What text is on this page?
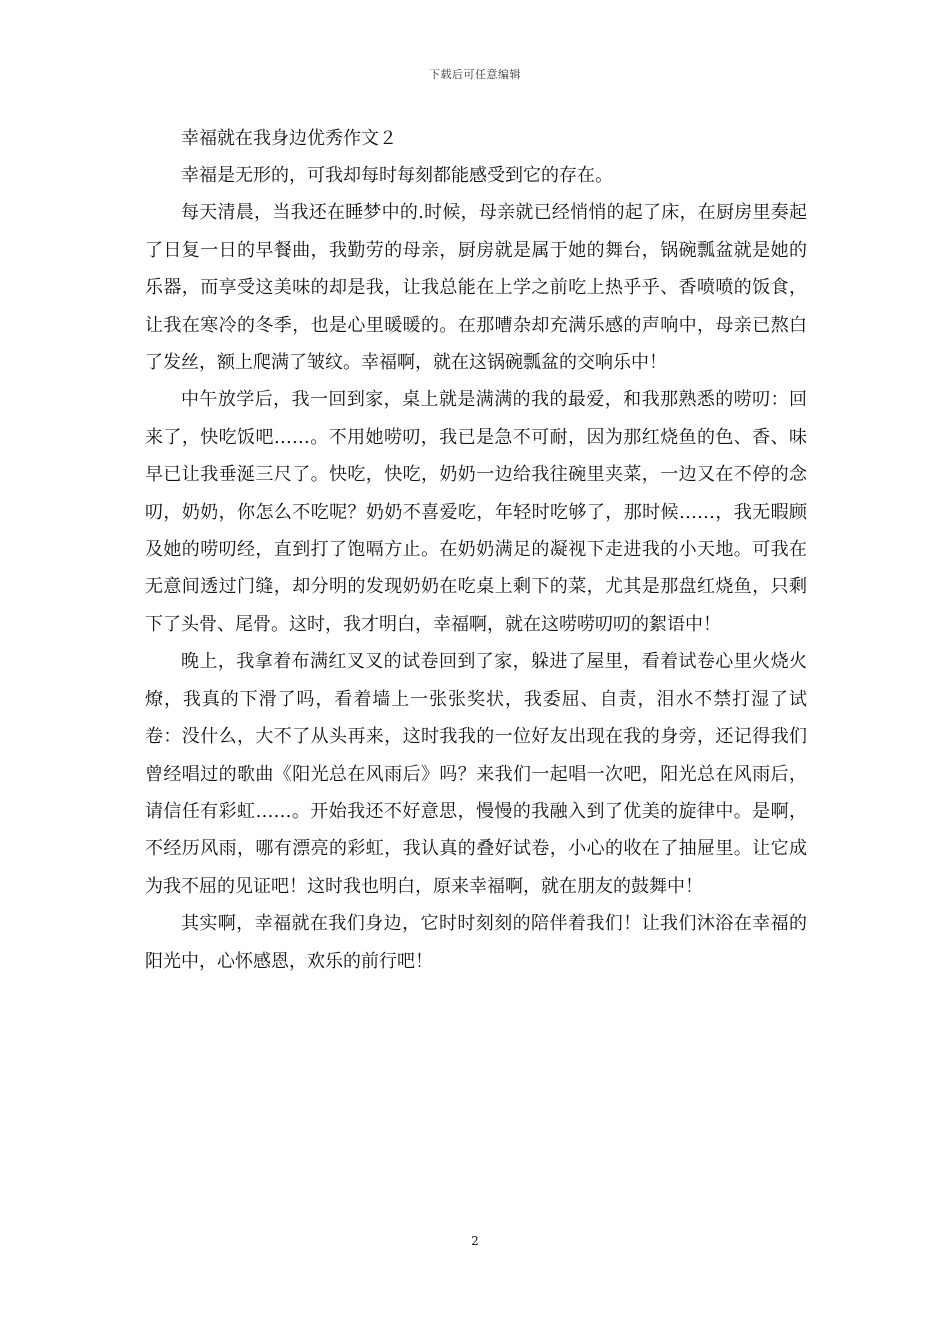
下载后可任意编辑

幸福就在我身边优秀作文２

幸福是无形的，可我却每时每刻都能感受到它的存在。

每天清晨，当我还在睡梦中的.时候，母亲就已经悄悄的起了床，在厨房里奏起了日复一日的早餐曲，我勤劳的母亲，厨房就是属于她的舞台，锅碗瓢盆就是她的乐器，而享受这美味的却是我，让我总能在上学之前吃上热乎乎、香喷喷的饭食，让我在寒冷的冬季，也是心里暖暖的。在那嘈杂却充满乐感的声响中，母亲已熬白了发丝，额上爬满了皱纹。幸福啊，就在这锅碗瓢盆的交响乐中！

中午放学后，我一回到家，桌上就是满满的我的最爱，和我那熟悉的唠叨：回来了，快吃饭吧……。不用她唠叨，我已是急不可耐，因为那红烧鱼的色、香、味早已让我垂涎三尺了。快吃，快吃，奶奶一边给我往碗里夹菜，一边又在不停的念叨，奶奶，你怎么不吃呢？奶奶不喜爱吃，年轻时吃够了，那时候……，我无暇顾及她的唠叨经，直到打了饱嗝方止。在奶奶满足的凝视下走进我的小天地。可我在无意间透过门缝，却分明的发现奶奶在吃桌上剩下的菜，尤其是那盘红烧鱼，只剩下了头骨、尾骨。这时，我才明白，幸福啊，就在这唠唠叨叨的絮语中！

晚上，我拿着布满红叉叉的试卷回到了家，躲进了屋里，看着试卷心里火烧火燎，我真的下滑了吗，看着墙上一张张奖状，我委屈、自责，泪水不禁打湿了试卷：没什么，大不了从头再来，这时我我的一位好友出现在我的身旁，还记得我们曾经唱过的歌曲《阳光总在风雨后》吗？来我们一起唱一次吧，阳光总在风雨后，请信任有彩虹……。开始我还不好意思，慢慢的我融入到了优美的旋律中。是啊，不经历风雨，哪有漂亮的彩虹，我认真的叠好试卷，小心的收在了抽屉里。让它成为我不屈的见证吧！这时我也明白，原来幸福啊，就在朋友的鼓舞中！

其实啊，幸福就在我们身边，它时时刻刻的陪伴着我们！让我们沐浴在幸福的阳光中，心怀感恩，欢乐的前行吧！

2
